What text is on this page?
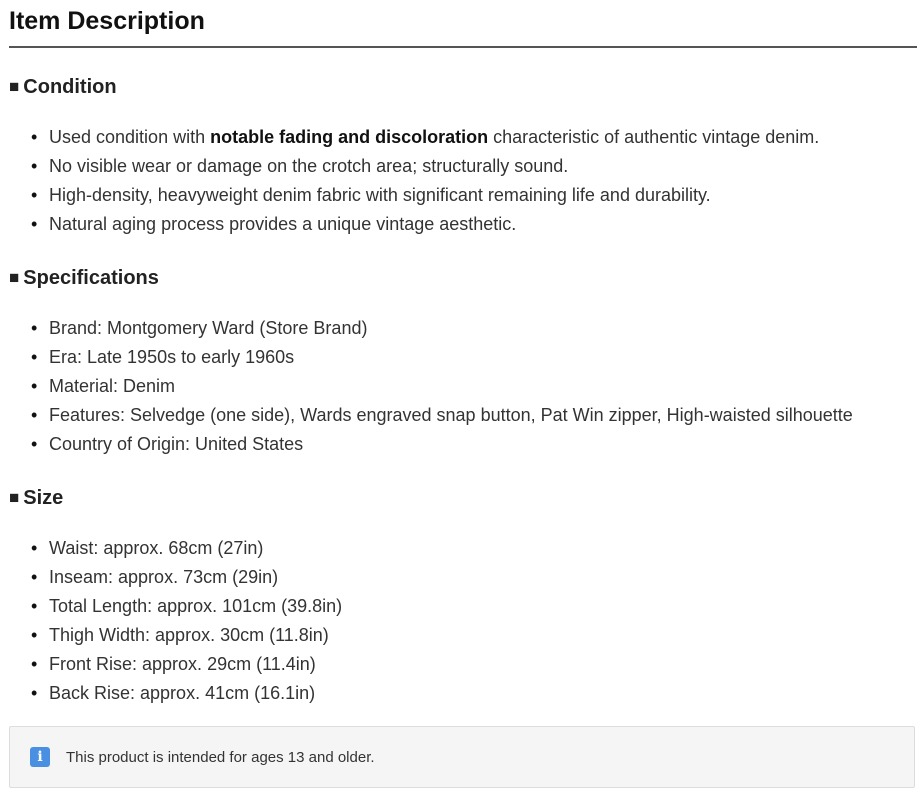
Item Description
■ Condition
• Used condition with notable fading and discoloration characteristic of authentic vintage denim.
• No visible wear or damage on the crotch area; structurally sound.
• High-density, heavyweight denim fabric with significant remaining life and durability.
• Natural aging process provides a unique vintage aesthetic.
■ Specifications
• Brand: Montgomery Ward (Store Brand)
• Era: Late 1950s to early 1960s
• Material: Denim
• Features: Selvedge (one side), Wards engraved snap button, Pat Win zipper, High-waisted silhouette
• Country of Origin: United States
■ Size
• Waist: approx. 68cm (27in)
• Inseam: approx. 73cm (29in)
• Total Length: approx. 101cm (39.8in)
• Thigh Width: approx. 30cm (11.8in)
• Front Rise: approx. 29cm (11.4in)
• Back Rise: approx. 41cm (16.1in)
i	This product is intended for ages 13 and older.
